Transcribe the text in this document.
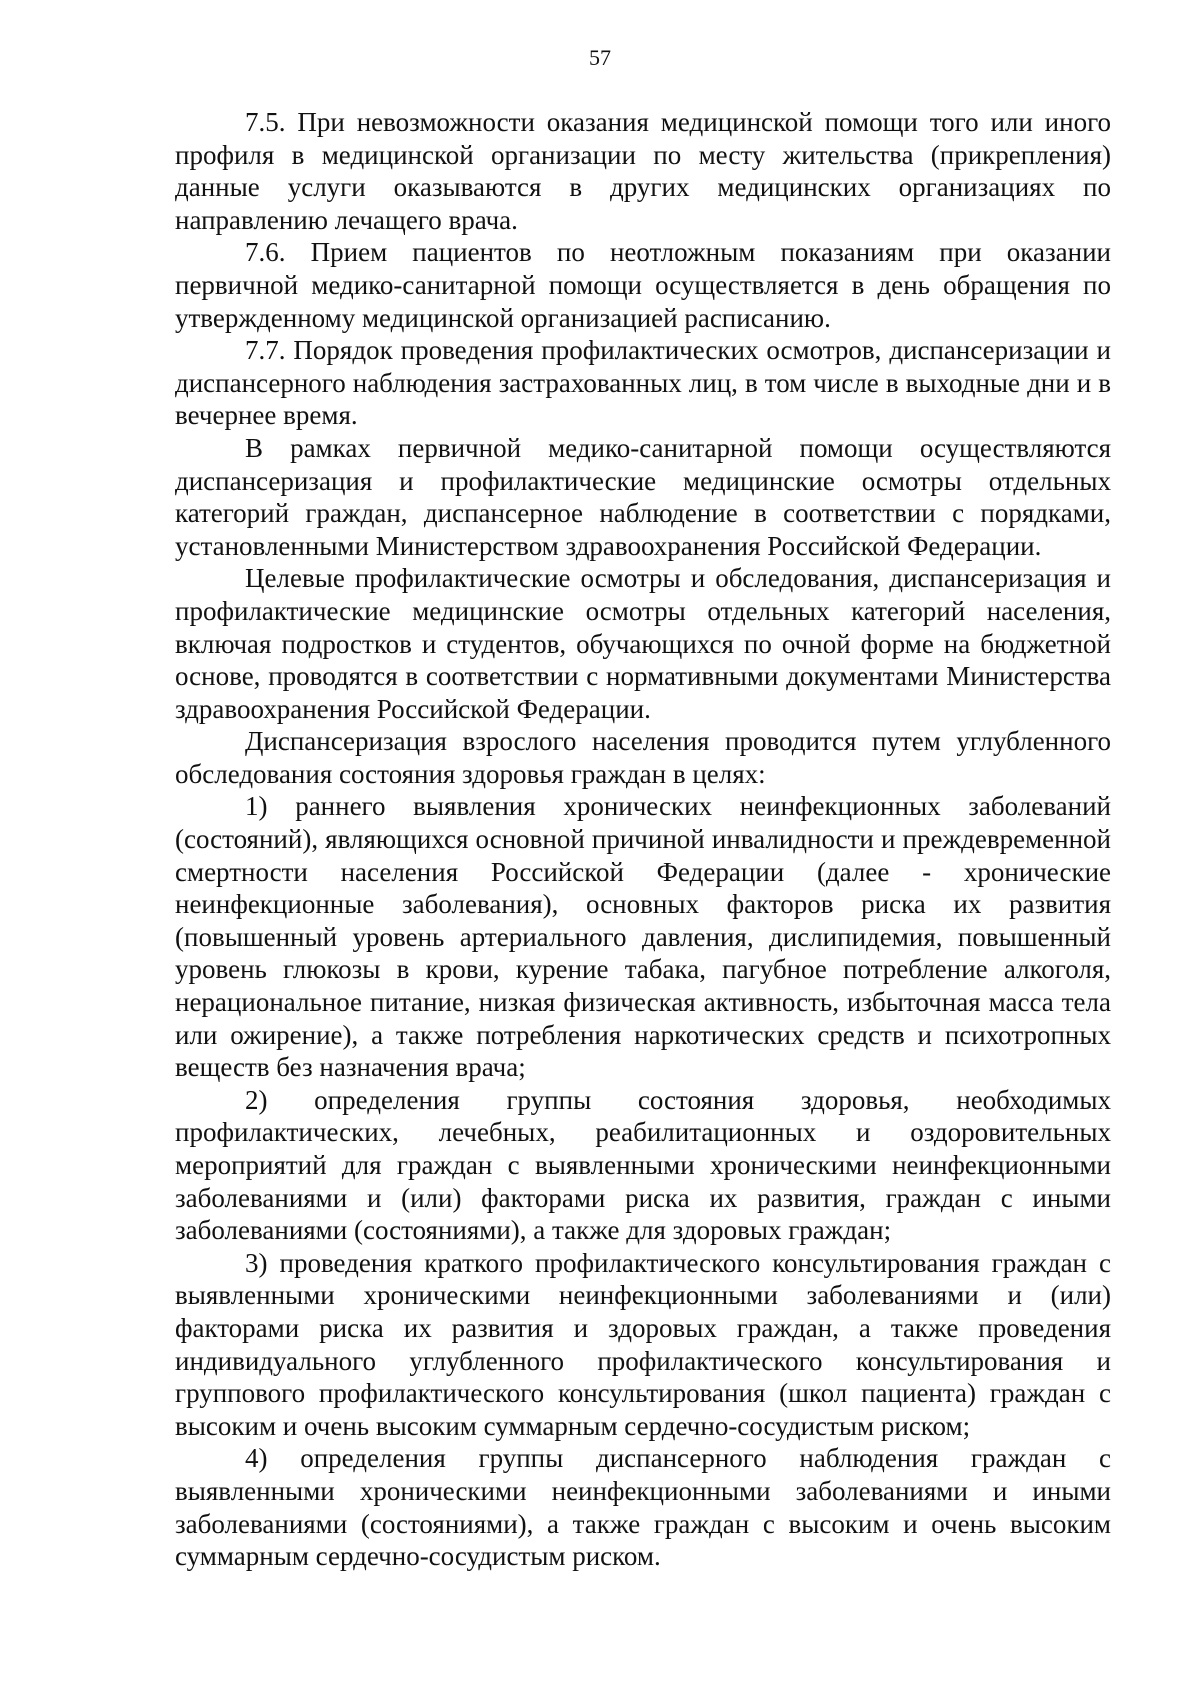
57

7.5. При невозможности оказания медицинской помощи того или иного профиля в медицинской организации по месту жительства (прикрепления) данные услуги оказываются в других медицинских организациях по направлению лечащего врача.

7.6. Прием пациентов по неотложным показаниям при оказании первичной медико-санитарной помощи осуществляется в день обращения по утвержденному медицинской организацией расписанию.

7.7. Порядок проведения профилактических осмотров, диспансеризации и диспансерного наблюдения застрахованных лиц, в том числе в выходные дни и в вечернее время.

В рамках первичной медико-санитарной помощи осуществляются диспансеризация и профилактические медицинские осмотры отдельных категорий граждан, диспансерное наблюдение в соответствии с порядками, установленными Министерством здравоохранения Российской Федерации.

Целевые профилактические осмотры и обследования, диспансеризация и профилактические медицинские осмотры отдельных категорий населения, включая подростков и студентов, обучающихся по очной форме на бюджетной основе, проводятся в соответствии с нормативными документами Министерства здравоохранения Российской Федерации.

Диспансеризация взрослого населения проводится путем углубленного обследования состояния здоровья граждан в целях:

1) раннего выявления хронических неинфекционных заболеваний (состояний), являющихся основной причиной инвалидности и преждевременной смертности населения Российской Федерации (далее - хронические неинфекционные заболевания), основных факторов риска их развития (повышенный уровень артериального давления, дислипидемия, повышенный уровень глюкозы в крови, курение табака, пагубное потребление алкоголя, нерациональное питание, низкая физическая активность, избыточная масса тела или ожирение), а также потребления наркотических средств и психотропных веществ без назначения врача;

2) определения группы состояния здоровья, необходимых профилактических, лечебных, реабилитационных и оздоровительных мероприятий для граждан с выявленными хроническими неинфекционными заболеваниями и (или) факторами риска их развития, граждан с иными заболеваниями (состояниями), а также для здоровых граждан;

3) проведения краткого профилактического консультирования граждан с выявленными хроническими неинфекционными заболеваниями и (или) факторами риска их развития и здоровых граждан, а также проведения индивидуального углубленного профилактического консультирования и группового профилактического консультирования (школ пациента) граждан с высоким и очень высоким суммарным сердечно-сосудистым риском;

4) определения группы диспансерного наблюдения граждан с выявленными хроническими неинфекционными заболеваниями и иными заболеваниями (состояниями), а также граждан с высоким и очень высоким суммарным сердечно-сосудистым риском.
